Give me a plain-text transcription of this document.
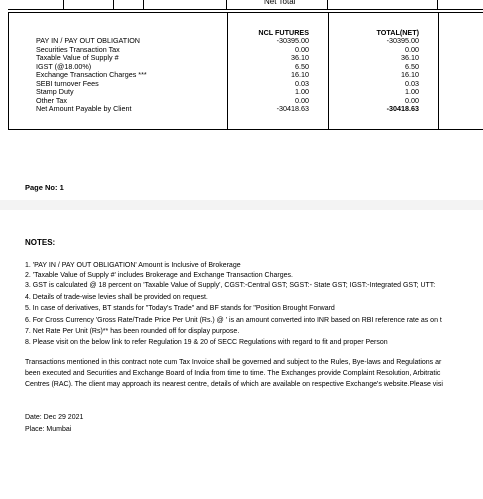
Net Total
NCL FUTURES	TOTAL(NET)
PAY IN / PAY OUT OBLIGATION	-30395.00	-30395.00
Securities Transaction Tax	0.00	0.00
Taxable Value of Supply #	36.10	36.10
IGST (@18.00%)	6.50	6.50
Exchange Transaction Charges ***	16.10	16.10
SEBI turnover Fees	0.03	0.03
Stamp Duty	1.00	1.00
Other Tax	0.00	0.00
Net Amount Payable by Client	-30418.63	-30418.63
Page No: 1
NOTES:
1. 'PAY IN / PAY OUT OBLIGATION' Amount is Inclusive of Brokerage
2. 'Taxable Value of Supply #' includes Brokerage and Exchange Transaction Charges.
3. GST is calculated @ 18 percent on 'Taxable Value of Supply', CGST:-Central GST; SGST:- State GST; IGST:-Integrated GST; UTT:
4. Details of trade-wise levies shall be provided on request.
5. In case of derivatives, BT stands for "Today's Trade" and BF stands for "Position Brought Forward
6. For Cross Currency 'Gross Rate/Trade Price Per Unit (Rs.) @ ' is an amount converted into INR based on RBI reference rate as on t
7. Net Rate Per Unit (Rs)** has been rounded off for display purpose.
8. Please visit on the below link to refer Regulation 19 & 20 of SECC Regulations with regard to fit and proper Person
Transactions mentioned in this contract note cum Tax Invoice shall be governed and subject to the Rules, Bye-laws and Regulations ar
been executed and Securities and Exchange Board of India from time to time. The Exchanges provide Complaint Resolution, Arbitratic
Centres (RAC). The client may approach its nearest centre, details of which are available on respective Exchange's website.Please visi
Date: Dec 29 2021
Place: Mumbai
